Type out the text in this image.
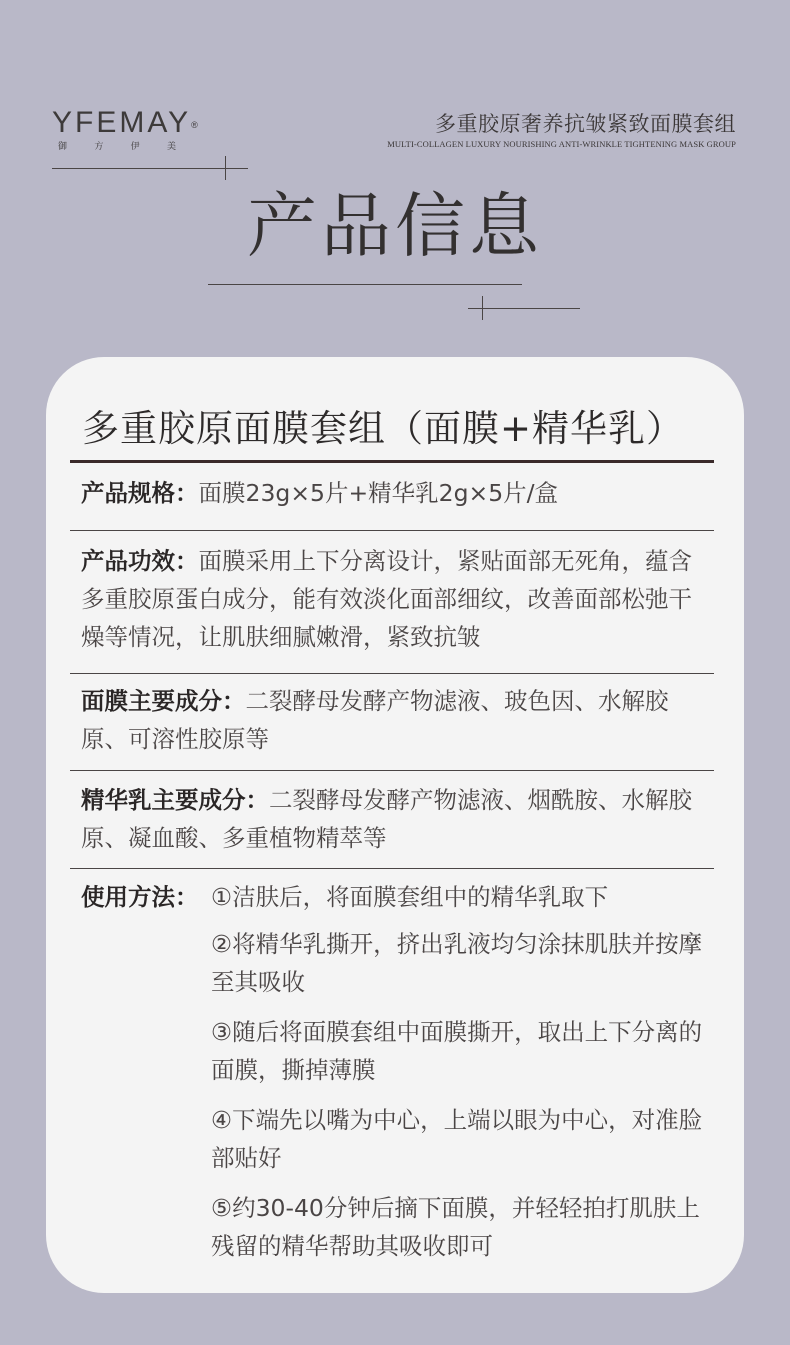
YFEMAY®
御	方	伊	美
多重胶原奢养抗皱紧致面膜套组
MULTI-COLLAGEN LUXURY NOURISHING ANTI-WRINKLE TIGHTENING MASK GROUP
产品信息
多重胶原面膜套组（面膜+精华乳）
产品规格：面膜23g×5片+精华乳2g×5片/盒
产品功效：面膜采用上下分离设计，紧贴面部无死角，蕴含多重胶原蛋白成分，能有效淡化面部细纹，改善面部松弛干燥等情况，让肌肤细腻嫩滑，紧致抗皱
面膜主要成分：二裂酵母发酵产物滤液、玻色因、水解胶原、可溶性胶原等
精华乳主要成分：二裂酵母发酵产物滤液、烟酰胺、水解胶原、凝血酸、多重植物精萃等
使用方法： ①洁肤后，将面膜套组中的精华乳取下
②将精华乳撕开，挤出乳液均匀涂抹肌肤并按摩至其吸收
③随后将面膜套组中面膜撕开，取出上下分离的面膜，撕掉薄膜
④下端先以嘴为中心，上端以眼为中心，对准脸部贴好
⑤约30-40分钟后摘下面膜，并轻轻拍打肌肤上残留的精华帮助其吸收即可
